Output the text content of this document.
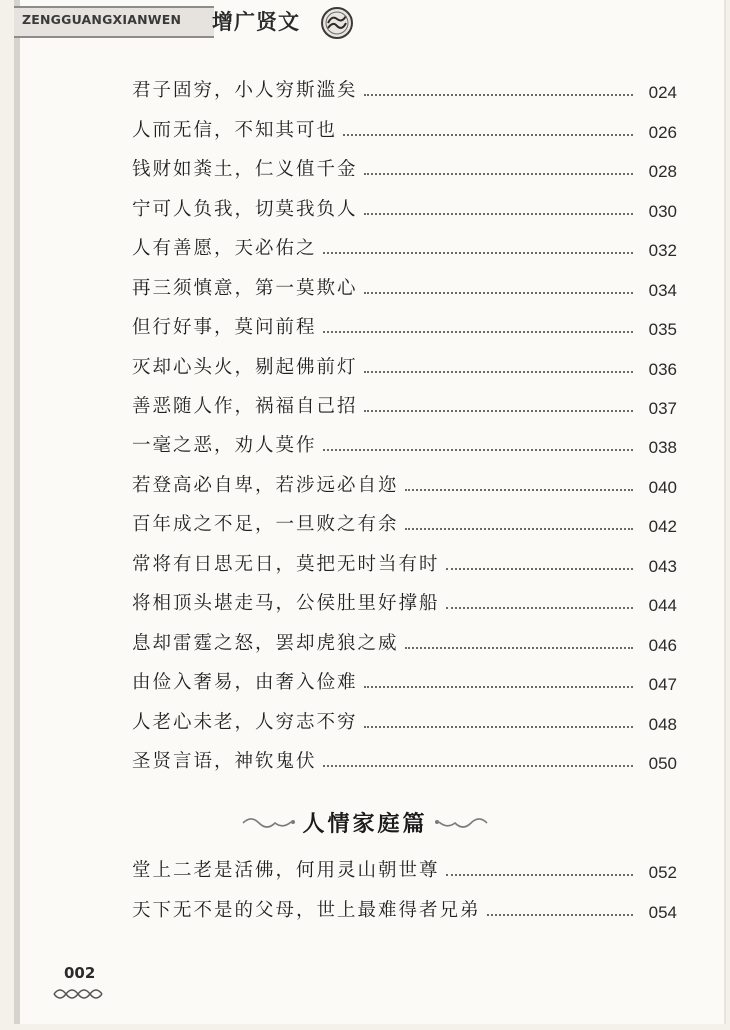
ZENGGUANGXIANWEN 增广贤文
君子固穷，小人穷斯滥矣	024
人而无信，不知其可也	026
钱财如粪土，仁义值千金	028
宁可人负我，切莫我负人	030
人有善愿，天必佑之	032
再三须慎意，第一莫欺心	034
但行好事，莫问前程	035
灭却心头火，剔起佛前灯	036
善恶随人作，祸福自己招	037
一毫之恶，劝人莫作	038
若登高必自卑，若涉远必自迩	040
百年成之不足，一旦败之有余	042
常将有日思无日，莫把无时当有时	043
将相顶头堪走马，公侯肚里好撑船	044
息却雷霆之怒，罢却虎狼之威	046
由俭入奢易，由奢入俭难	047
人老心未老，人穷志不穷	048
圣贤言语，神钦鬼伏	050
人情家庭篇
堂上二老是活佛，何用灵山朝世尊	052
天下无不是的父母，世上最难得者兄弟	054
002
